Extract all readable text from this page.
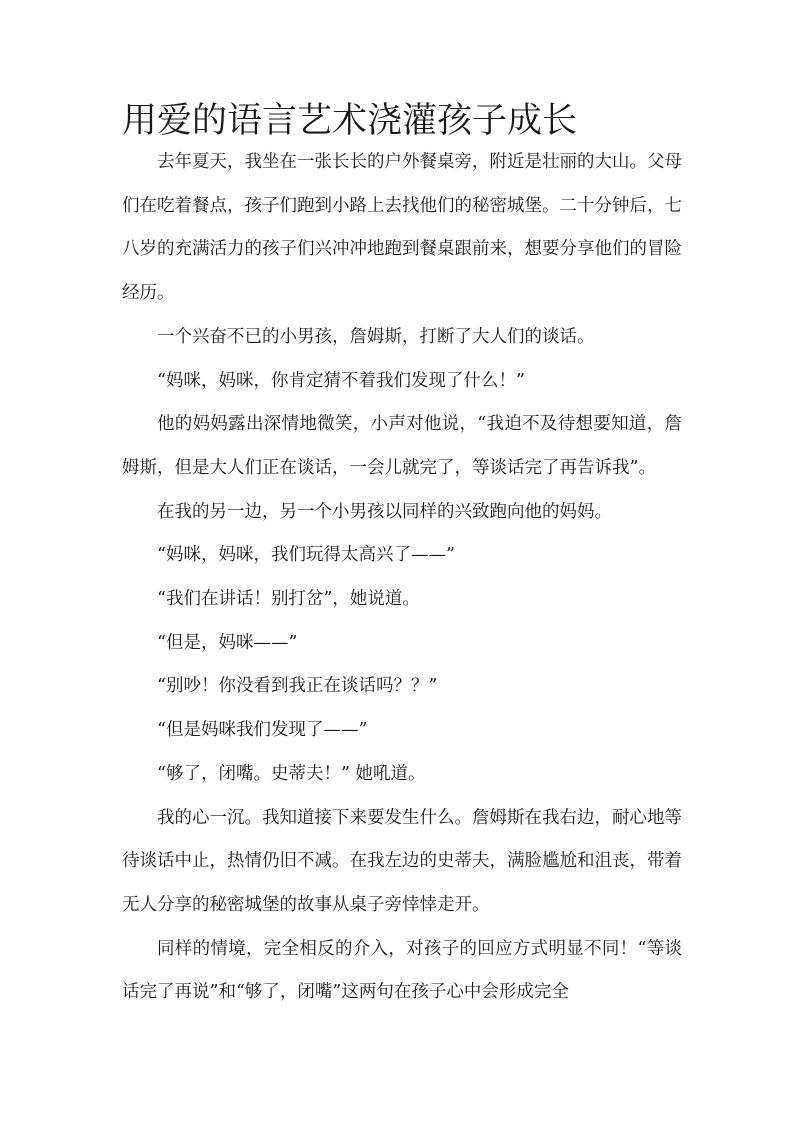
用爱的语言艺术浇灌孩子成长

去年夏天，我坐在一张长长的户外餐桌旁，附近是壮丽的大山。父母们在吃着餐点，孩子们跑到小路上去找他们的秘密城堡。二十分钟后，七八岁的充满活力的孩子们兴冲冲地跑到餐桌跟前来，想要分享他们的冒险经历。

一个兴奋不已的小男孩，詹姆斯，打断了大人们的谈话。

“妈咪，妈咪，你肯定猜不着我们发现了什么！”

他的妈妈露出深情地微笑，小声对他说，“我迫不及待想要知道，詹姆斯，但是大人们正在谈话，一会儿就完了，等谈话完了再告诉我”。

在我的另一边，另一个小男孩以同样的兴致跑向他的妈妈。

“妈咪，妈咪，我们玩得太高兴了——”

“我们在讲话！别打岔”，她说道。

“但是，妈咪——”

“别吵！你没看到我正在谈话吗？？”

“但是妈咪我们发现了——”

“够了，闭嘴。史蒂夫！” 她吼道。

我的心一沉。我知道接下来要发生什么。詹姆斯在我右边，耐心地等待谈话中止，热情仍旧不减。在我左边的史蒂夫，满脸尴尬和沮丧，带着无人分享的秘密城堡的故事从桌子旁悻悻走开。

同样的情境，完全相反的介入，对孩子的回应方式明显不同！“等谈话完了再说”和“够了，闭嘴”这两句在孩子心中会形成完全
